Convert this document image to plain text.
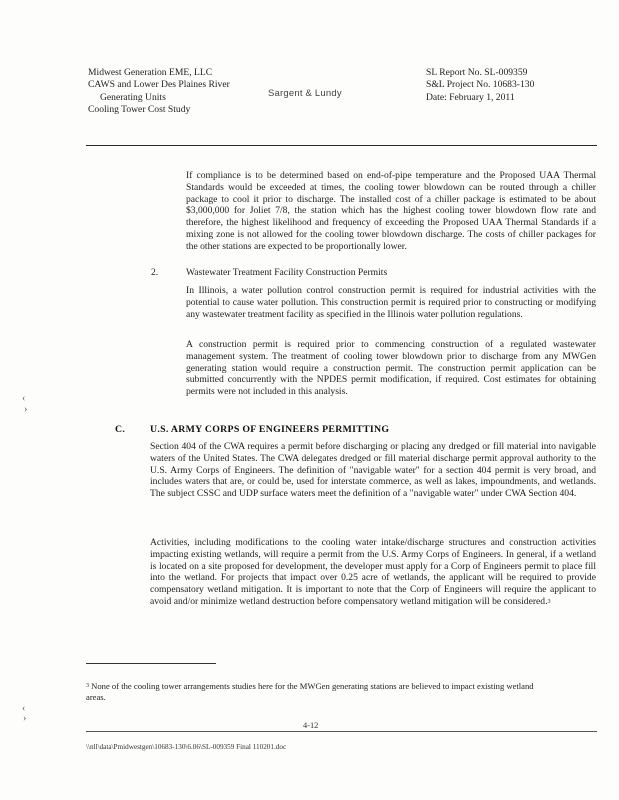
Midwest Generation EME, LLC
CAWS and Lower Des Plaines River
Generating Units
Cooling Tower Cost Study
Sargent & Lundy
SL Report No. SL-009359
S&L Project No. 10683-130
Date: February 1, 2011

If compliance is to be determined based on end-of-pipe temperature and the Proposed UAA Thermal Standards would be exceeded at times, the cooling tower blowdown can be routed through a chiller package to cool it prior to discharge. The installed cost of a chiller package is estimated to be about $3,000,000 for Joliet 7/8, the station which has the highest cooling tower blowdown flow rate and therefore, the highest likelihood and frequency of exceeding the Proposed UAA Thermal Standards if a mixing zone is not allowed for the cooling tower blowdown discharge. The costs of chiller packages for the other stations are expected to be proportionally lower.

2.	Wastewater Treatment Facility Construction Permits

In Illinois, a water pollution control construction permit is required for industrial activities with the potential to cause water pollution. This construction permit is required prior to constructing or modifying any wastewater treatment facility as specified in the Illinois water pollution regulations.

A construction permit is required prior to commencing construction of a regulated wastewater management system. The treatment of cooling tower blowdown prior to discharge from any MWGen generating station would require a construction permit. The construction permit application can be submitted concurrently with the NPDES permit modification, if required. Cost estimates for obtaining permits were not included in this analysis.

C.	U.S. ARMY CORPS OF ENGINEERS PERMITTING

Section 404 of the CWA requires a permit before discharging or placing any dredged or fill material into navigable waters of the United States. The CWA delegates dredged or fill material discharge permit approval authority to the U.S. Army Corps of Engineers. The definition of "navigable water" for a section 404 permit is very broad, and includes waters that are, or could be, used for interstate commerce, as well as lakes, impoundments, and wetlands. The subject CSSC and UDP surface waters meet the definition of a "navigable water" under CWA Section 404.

Activities, including modifications to the cooling water intake/discharge structures and construction activities impacting existing wetlands, will require a permit from the U.S. Army Corps of Engineers. In general, if a wetland is located on a site proposed for development, the developer must apply for a Corp of Engineers permit to place fill into the wetland. For projects that impact over 0.25 acre of wetlands, the applicant will be required to provide compensatory wetland mitigation. It is important to note that the Corp of Engineers will require the applicant to avoid and/or minimize wetland destruction before compensatory wetland mitigation will be considered.$^3$

$^3$ None of the cooling tower arrangements studies here for the MWGen generating stations are believed to impact existing wetland areas.
4-12
\\nll\data\Pmidwestgen\10683-130\6.06\SL-009359 Final 110201.doc
‹
›
‹
›
